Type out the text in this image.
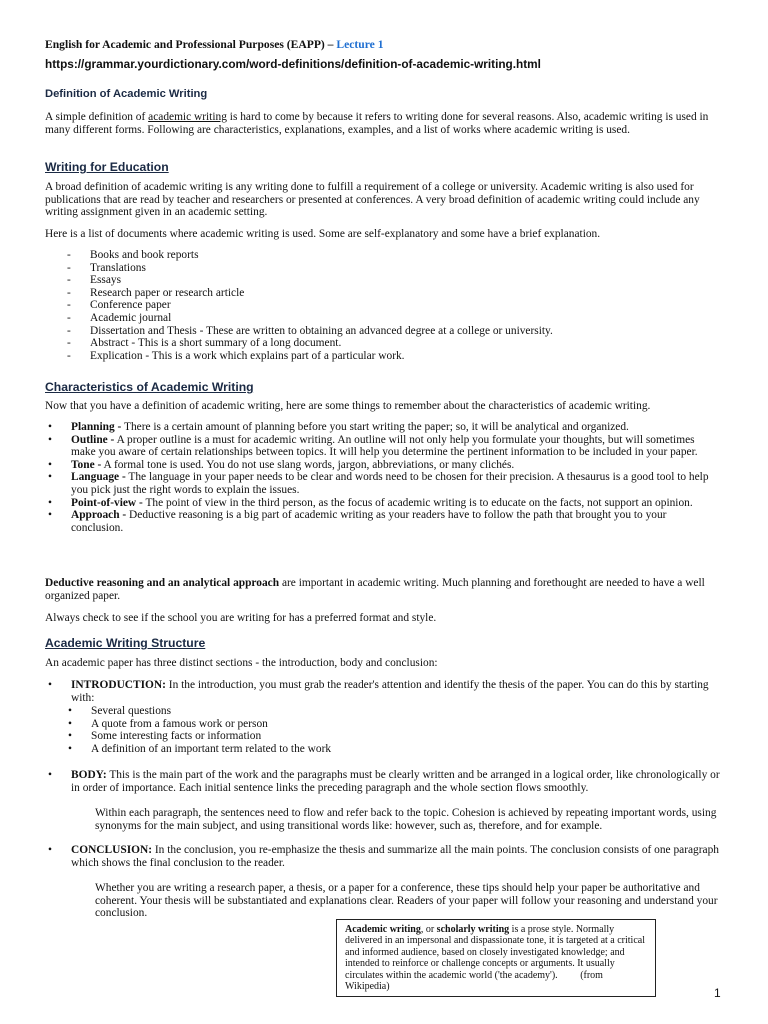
English for Academic and Professional Purposes (EAPP) – Lecture 1
https://grammar.yourdictionary.com/word-definitions/definition-of-academic-writing.html
Definition of Academic Writing
A simple definition of academic writing is hard to come by because it refers to writing done for several reasons. Also, academic writing is used in many different forms. Following are characteristics, explanations, examples, and a list of works where academic writing is used.
Writing for Education
A broad definition of academic writing is any writing done to fulfill a requirement of a college or university. Academic writing is also used for publications that are read by teacher and researchers or presented at conferences. A very broad definition of academic writing could include any writing assignment given in an academic setting.
Here is a list of documents where academic writing is used. Some are self-explanatory and some have a brief explanation.
-	Books and book reports
-	Translations
-	Essays
-	Research paper or research article
-	Conference paper
-	Academic journal
-	Dissertation and Thesis - These are written to obtaining an advanced degree at a college or university.
-	Abstract - This is a short summary of a long document.
-	Explication - This is a work which explains part of a particular work.
Characteristics of Academic Writing
Now that you have a definition of academic writing, here are some things to remember about the characteristics of academic writing.
•	Planning - There is a certain amount of planning before you start writing the paper; so, it will be analytical and organized.
•	Outline - A proper outline is a must for academic writing. An outline will not only help you formulate your thoughts, but will sometimes make you aware of certain relationships between topics. It will help you determine the pertinent information to be included in your paper.
•	Tone - A formal tone is used. You do not use slang words, jargon, abbreviations, or many clichés.
•	Language - The language in your paper needs to be clear and words need to be chosen for their precision. A thesaurus is a good tool to help you pick just the right words to explain the issues.
•	Point-of-view - The point of view in the third person, as the focus of academic writing is to educate on the facts, not support an opinion.
•	Approach - Deductive reasoning is a big part of academic writing as your readers have to follow the path that brought you to your conclusion.
Deductive reasoning and an analytical approach are important in academic writing. Much planning and forethought are needed to have a well organized paper.
Always check to see if the school you are writing for has a preferred format and style.
Academic Writing Structure
An academic paper has three distinct sections - the introduction, body and conclusion:
•	INTRODUCTION: In the introduction, you must grab the reader's attention and identify the thesis of the paper. You can do this by starting with:
•	Several questions
•	A quote from a famous work or person
•	Some interesting facts or information
•	A definition of an important term related to the work
•	BODY: This is the main part of the work and the paragraphs must be clearly written and be arranged in a logical order, like chronologically or in order of importance. Each initial sentence links the preceding paragraph and the whole section flows smoothly.
Within each paragraph, the sentences need to flow and refer back to the topic. Cohesion is achieved by repeating important words, using synonyms for the main subject, and using transitional words like: however, such as, therefore, and for example.
•	CONCLUSION: In the conclusion, you re-emphasize the thesis and summarize all the main points. The conclusion consists of one paragraph which shows the final conclusion to the reader.
Whether you are writing a research paper, a thesis, or a paper for a conference, these tips should help your paper be authoritative and coherent. Your thesis will be substantiated and explanations clear. Readers of your paper will follow your reasoning and understand your conclusion.
Academic writing, or scholarly writing is a prose style. Normally delivered in an impersonal and dispassionate tone, it is targeted at a critical and informed audience, based on closely investigated knowledge; and intended to reinforce or challenge concepts or arguments. It usually circulates within the academic world ('the academy'). (from Wikipedia)	1
